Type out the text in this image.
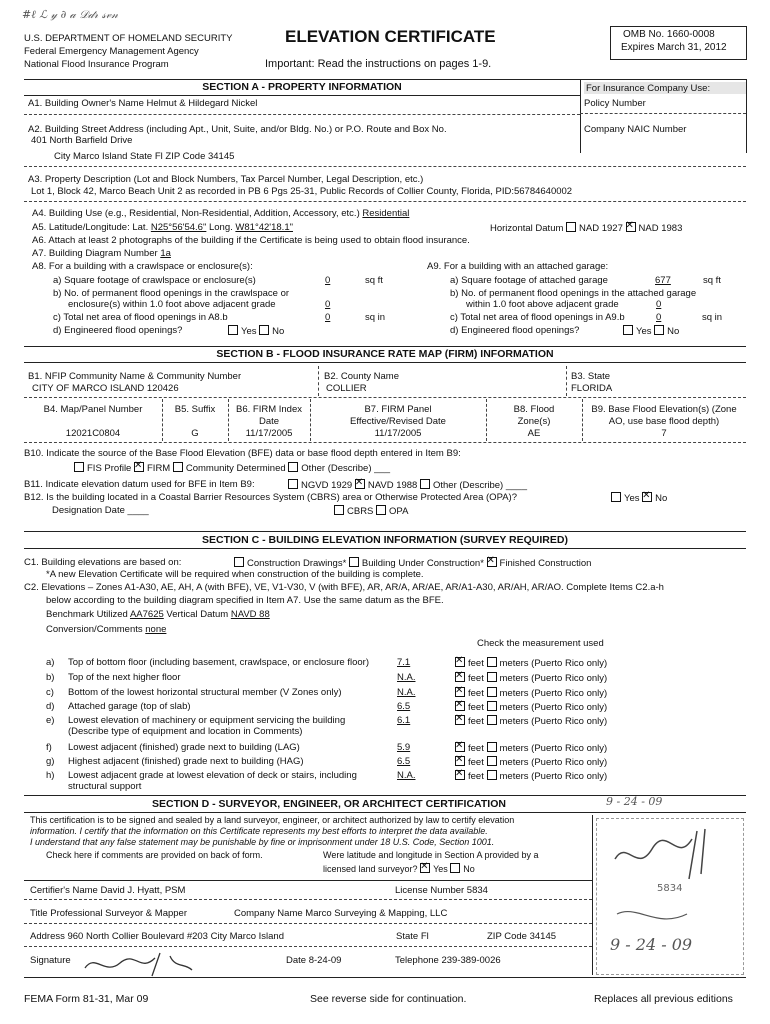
#ℓ ℒ 𝓎 ∂ 𝒶 𝒟𝒹𝓇 𝓈𝓋𝓃
U.S. DEPARTMENT OF HOMELAND SECURITY
Federal Emergency Management Agency
National Flood Insurance Program
ELEVATION CERTIFICATE
Important: Read the instructions on pages 1-9.
OMB No. 1660-0008
Expires March 31, 2012
SECTION A - PROPERTY INFORMATION	For Insurance Company Use:
Policy Number
Company NAIC Number
A1. Building Owner's Name Helmut & Hildegard Nickel
A2. Building Street Address (including Apt., Unit, Suite, and/or Bldg. No.) or P.O. Route and Box No.
401 North Barfield Drive
City Marco Island State Fl ZIP Code 34145
A3. Property Description (Lot and Block Numbers, Tax Parcel Number, Legal Description, etc.)
Lot 1, Block 42, Marco Beach Unit 2 as recorded in PB 6 Pgs 25-31, Public Records of Collier County, Florida, PID:56784640002
A4. Building Use (e.g., Residential, Non-Residential, Addition, Accessory, etc.) Residential
A5. Latitude/Longitude: Lat. N25°56'54.6" Long. W81°42'18.1"	Horizontal Datum NAD 1927 ✕ NAD 1983
A6. Attach at least 2 photographs of the building if the Certificate is being used to obtain flood insurance.
A7. Building Diagram Number 1a
A8. For a building with a crawlspace or enclosure(s):
a) Square footage of crawlspace or enclosure(s)	0	sq ft
b) No. of permanent flood openings in the crawlspace or
enclosure(s) within 1.0 foot above adjacent grade	0
c) Total net area of flood openings in A8.b	0	sq in
d) Engineered flood openings?	Yes No
A9. For a building with an attached garage:
a) Square footage of attached garage	677	sq ft
b) No. of permanent flood openings in the attached garage
within 1.0 foot above adjacent grade	0
c) Total net area of flood openings in A9.b	0	sq in
d) Engineered flood openings?	Yes No
SECTION B - FLOOD INSURANCE RATE MAP (FIRM) INFORMATION
B1. NFIP Community Name & Community Number
CITY OF MARCO ISLAND 120426
B2. County Name
COLLIER
B3. State
FLORIDA
B4. Map/Panel Number
12021C0804
B5. Suffix
G
B6. FIRM Index
Date
11/17/2005
B7. FIRM Panel
Effective/Revised Date
11/17/2005
B8. Flood
Zone(s)
AE
B9. Base Flood Elevation(s) (Zone
AO, use base flood depth)
7
B10. Indicate the source of the Base Flood Elevation (BFE) data or base flood depth entered in Item B9:
FIS Profile ✕ FIRM Community Determined Other (Describe) ___
B11. Indicate elevation datum used for BFE in Item B9:	NGVD 1929 ✕ NAVD 1988 Other (Describe) ____
B12. Is the building located in a Coastal Barrier Resources System (CBRS) area or Otherwise Protected Area (OPA)?	Yes ✕ No
Designation Date ____	CBRS OPA
SECTION C - BUILDING ELEVATION INFORMATION (SURVEY REQUIRED)
C1. Building elevations are based on:	Construction Drawings* Building Under Construction* ✕ Finished Construction
*A new Elevation Certificate will be required when construction of the building is complete.
C2. Elevations – Zones A1-A30, AE, AH, A (with BFE), VE, V1-V30, V (with BFE), AR, AR/A, AR/AE, AR/A1-A30, AR/AH, AR/AO. Complete Items C2.a-h
below according to the building diagram specified in Item A7. Use the same datum as the BFE.
Benchmark Utilized AA7625 Vertical Datum NAVD 88
Conversion/Comments none
Check the measurement used
a) Top of bottom floor (including basement, crawlspace, or enclosure floor)	7.1 ✕	feet meters (Puerto Rico only)
b) Top of the next higher floor	N.A. ✕	feet meters (Puerto Rico only)
c) Bottom of the lowest horizontal structural member (V Zones only)	N.A. ✕	feet meters (Puerto Rico only)
d) Attached garage (top of slab)	6.5 ✕	feet meters (Puerto Rico only)
e) Lowest elevation of machinery or equipment servicing the building
(Describe type of equipment and location in Comments)
6.1 ✕	feet meters (Puerto Rico only)
f) Lowest adjacent (finished) grade next to building (LAG)	5.9 ✕	feet meters (Puerto Rico only)
g) Highest adjacent (finished) grade next to building (HAG)	6.5 ✕	feet meters (Puerto Rico only)
h) Lowest adjacent grade at lowest elevation of deck or stairs, including
structural support
N.A. ✕	feet meters (Puerto Rico only)
SECTION D - SURVEYOR, ENGINEER, OR ARCHITECT CERTIFICATION	9 - 24 - 09
This certification is to be signed and sealed by a land surveyor, engineer, or architect authorized by law to certify elevation
information. I certify that the information on this Certificate represents my best efforts to interpret the data available.
I understand that any false statement may be punishable by fine or imprisonment under 18 U.S. Code, Section 1001.
Check here if comments are provided on back of form.	Were latitude and longitude in Section A provided by a
licensed land surveyor? ✕ Yes No
5834
9 - 24 - 09
Certifier's Name David J. Hyatt, PSM	License Number 5834
Title Professional Surveyor & Mapper	Company Name Marco Surveying & Mapping, LLC
Address 960 North Collier Boulevard #203 City Marco Island	State Fl	ZIP Code 34145
Signature	Date 8-24-09	Telephone 239-389-0026
FEMA Form 81-31, Mar 09	See reverse side for continuation.	Replaces all previous editions
